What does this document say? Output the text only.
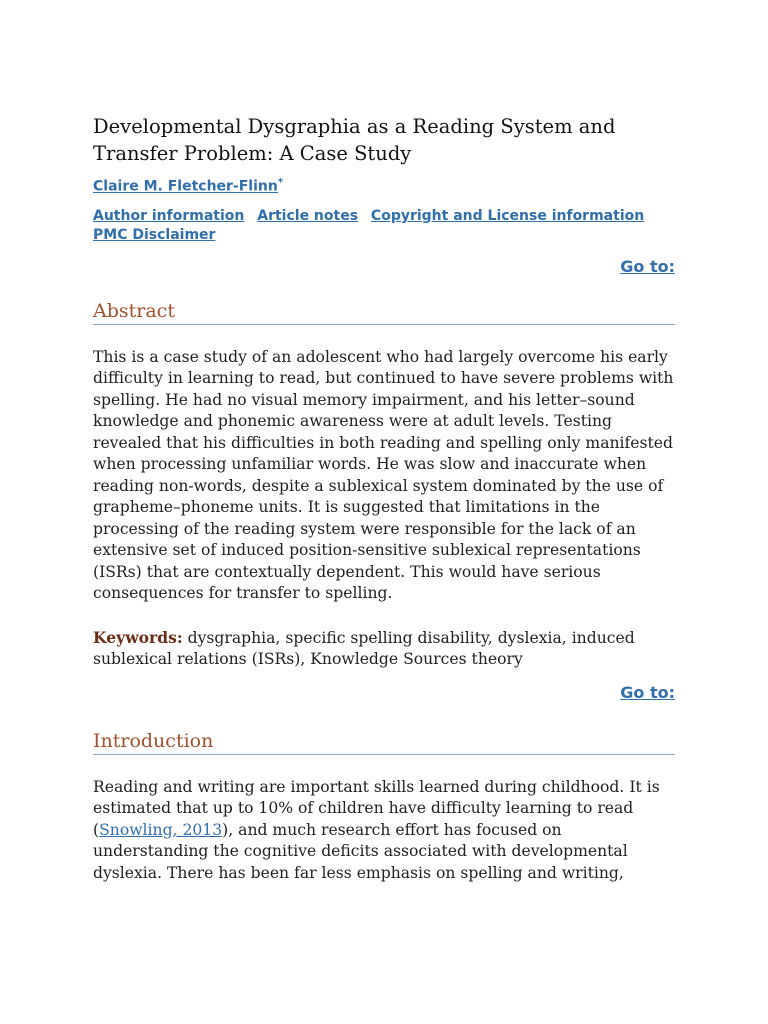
Developmental Dysgraphia as a Reading System and Transfer Problem: A Case Study
Claire M. Fletcher-Flinn*
Author information Article notes Copyright and License information PMC Disclaimer
Go to:
Abstract

This is a case study of an adolescent who had largely overcome his early difficulty in learning to read, but continued to have severe problems with spelling. He had no visual memory impairment, and his letter–sound knowledge and phonemic awareness were at adult levels. Testing revealed that his difficulties in both reading and spelling only manifested when processing unfamiliar words. He was slow and inaccurate when reading non-words, despite a sublexical system dominated by the use of grapheme–phoneme units. It is suggested that limitations in the processing of the reading system were responsible for the lack of an extensive set of induced position-sensitive sublexical representations (ISRs) that are contextually dependent. This would have serious consequences for transfer to spelling.

Keywords: dysgraphia, specific spelling disability, dyslexia, induced sublexical relations (ISRs), Knowledge Sources theory

Go to:
Introduction

Reading and writing are important skills learned during childhood. It is estimated that up to 10% of children have difficulty learning to read (Snowling, 2013), and much research effort has focused on understanding the cognitive deficits associated with developmental dyslexia. There has been far less emphasis on spelling and writing,
